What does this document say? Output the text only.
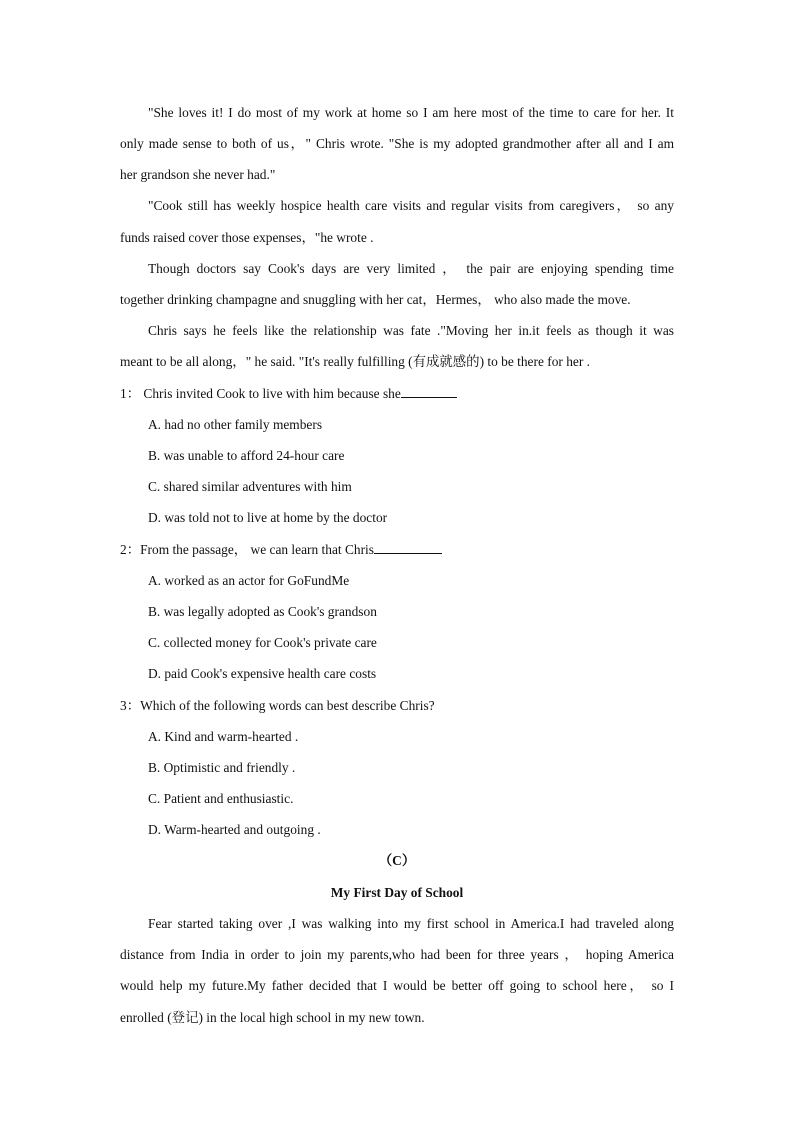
"She loves it! I do most of my work at home so I am here most of the time to care for her. It
only made sense to both of us，" Chris wrote. "She is my adopted grandmother after all and I am
her grandson she never had."
"Cook still has weekly hospice health care visits and regular visits from caregivers， so any
funds raised cover those expenses，"he wrote .
Though doctors say Cook's days are very limited ， the pair are enjoying spending time
together drinking champagne and snuggling with her cat，Hermes， who also made the move.
Chris says he feels like the relationship was fate ."Moving her in.it feels as though it was
meant to be all along，" he said. "It's really fulfilling (有成就感的) to be there for her .
1： Chris invited Cook to live with him because she
A. had no other family members
B. was unable to afford 24-hour care
C. shared similar adventures with him
D. was told not to live at home by the doctor
2：From the passage， we can learn that Chris
A. worked as an actor for GoFundMe
B. was legally adopted as Cook's grandson
C. collected money for Cook's private care
D. paid Cook's expensive health care costs
3：Which of the following words can best describe Chris?
A. Kind and warm-hearted .
B. Optimistic and friendly .
C. Patient and enthusiastic.
D. Warm-hearted and outgoing .
（C）
My First Day of School
Fear started taking over ,I was walking into my first school in America.I had traveled along
distance from India in order to join my parents,who had been for three years ， hoping America
would help my future.My father decided that I would be better off going to school here， so I
enrolled (登记) in the local high school in my new town.
